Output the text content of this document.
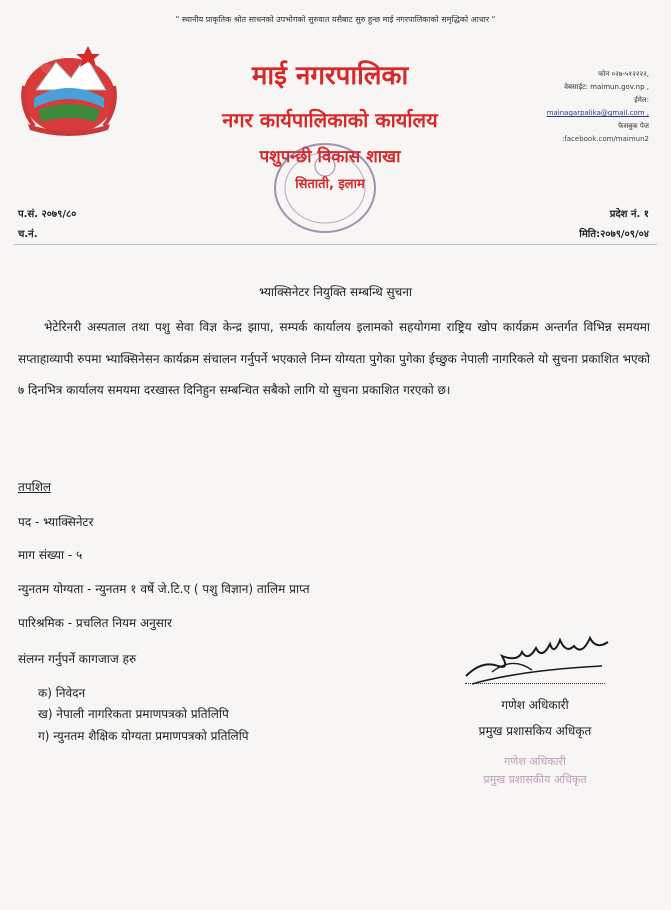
" स्थानीय प्राकृतिक श्रोत साधनको उपभोगको सुरुवात यसैबाट सुरु हुन्छ माई नगरपालिकाको समृद्धिको आधार "
माई नगरपालिका
नगर कार्यपालिकाको कार्यालय
पशुपन्छी विकास शाखा
सिताती, इलाम
फोन ०२७-५१२२२२,
वेबसाईट: maimun.gov.np ,
ईमेल:
mainagarpalika@gmail.com ,
फेसबुक पेज
:facebook.com/maimun2
प.सं. २०७९/८०
च.नं.
प्रदेश नं. १
मिति:२०७९/०९/०४
भ्याक्सिनेटर नियुक्ति सम्बन्धि सुचना
भेटेरिनरी अस्पताल तथा पशु सेवा विज्ञ केन्द्र झापा, सम्पर्क कार्यालय इलामको सहयोगमा राष्ट्रिय खोप कार्यक्रम अन्तर्गत विभिन्न समयमा सप्ताहाव्यापी रुपमा भ्याक्सिनेसन कार्यक्रम संचालन गर्नुपर्ने भएकाले निम्न योग्यता पुगेका पुगेका ईच्छुक नेपाली नागरिकले यो सुचना प्रकाशित भएको ७ दिनभित्र कार्यालय समयमा दरखास्त दिनिहुन सम्बन्धित सबैको लागि यो सुचना प्रकाशित गरएको छ।
तपशिल
पद - भ्याक्सिनेटर
माग संख्या - ५
न्युनतम योग्यता - न्युनतम १ वर्षे जे.टि.ए ( पशु विज्ञान) तालिम प्राप्त
पारिश्रमिक - प्रचलित नियम अनुसार
संलग्न गर्नुपर्ने कागजाज हरु
क) निवेदन
ख) नेपाली नागरिकता प्रमाणपत्रको प्रतिलिपि
ग) न्युनतम शैक्षिक योग्यता प्रमाणपत्रको प्रतिलिपि
गणेश अधिकारी
प्रमुख प्रशासकिय अधिकृत
गणेश अधिकारी
प्रमुख प्रशासकीय अधिकृत
